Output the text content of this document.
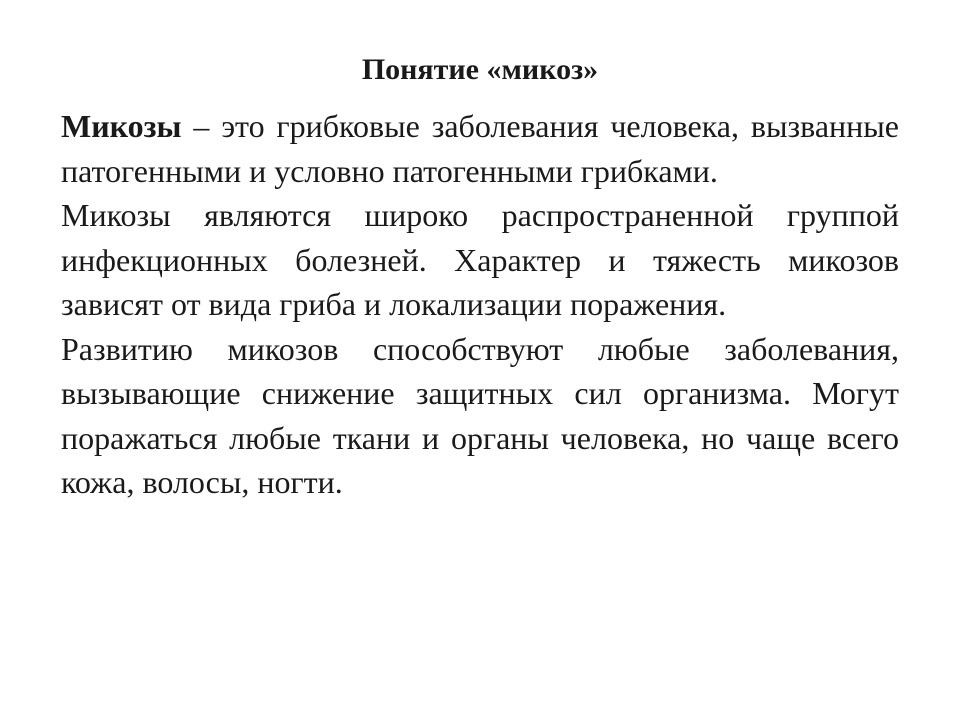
Понятие «микоз»

Микозы – это грибковые заболевания человека, вызванные патогенными и условно патогенными грибками.

Микозы являются широко распространенной группой инфекционных болезней. Характер и тяжесть микозов зависят от вида гриба и локализации поражения.

Развитию микозов способствуют любые заболевания, вызывающие снижение защитных сил организма. Могут поражаться любые ткани и органы человека, но чаще всего кожа, волосы, ногти.
